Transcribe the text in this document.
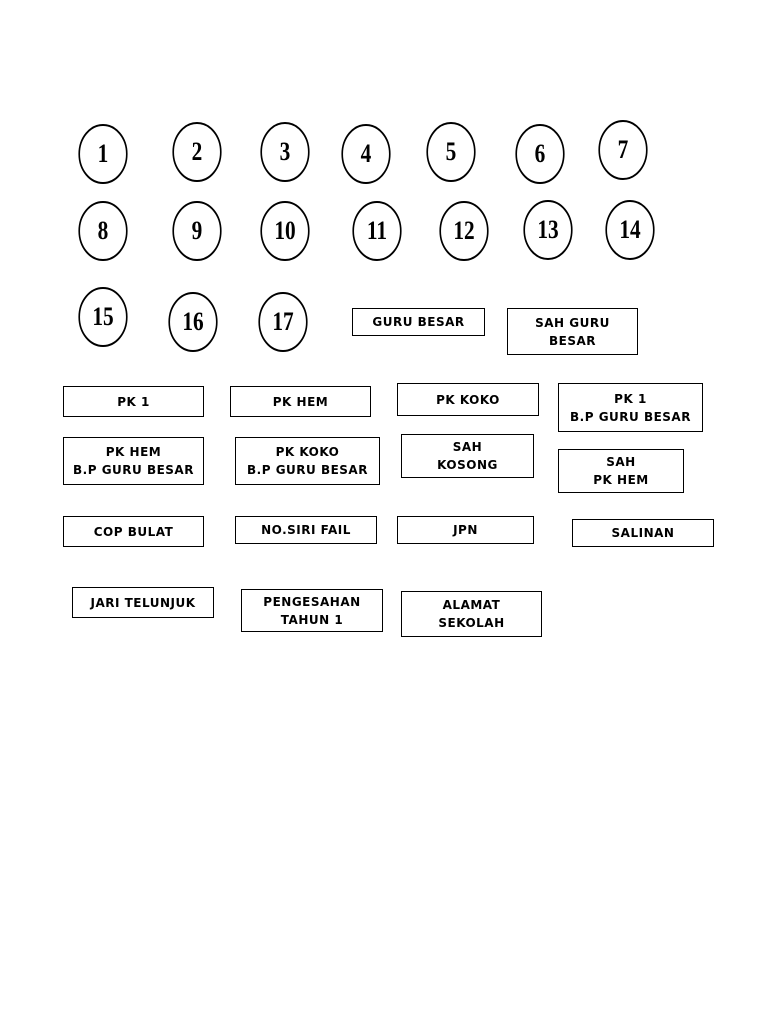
1	2	3	4	5	6	7
8	9	10	11	12	13	14
15	16	17	GURU BESAR	SAH GURU
BESAR
PK 1	PK HEM	PK KOKO	PK 1
B.P GURU BESAR
PK HEM
B.P GURU BESAR
PK KOKO
B.P GURU BESAR
SAH
KOSONG	SAH
PK HEM
COP BULAT	NO.SIRI FAIL	JPN	SALINAN
JARI TELUNJUK	PENGESAHAN
TAHUN 1
ALAMAT
SEKOLAH
